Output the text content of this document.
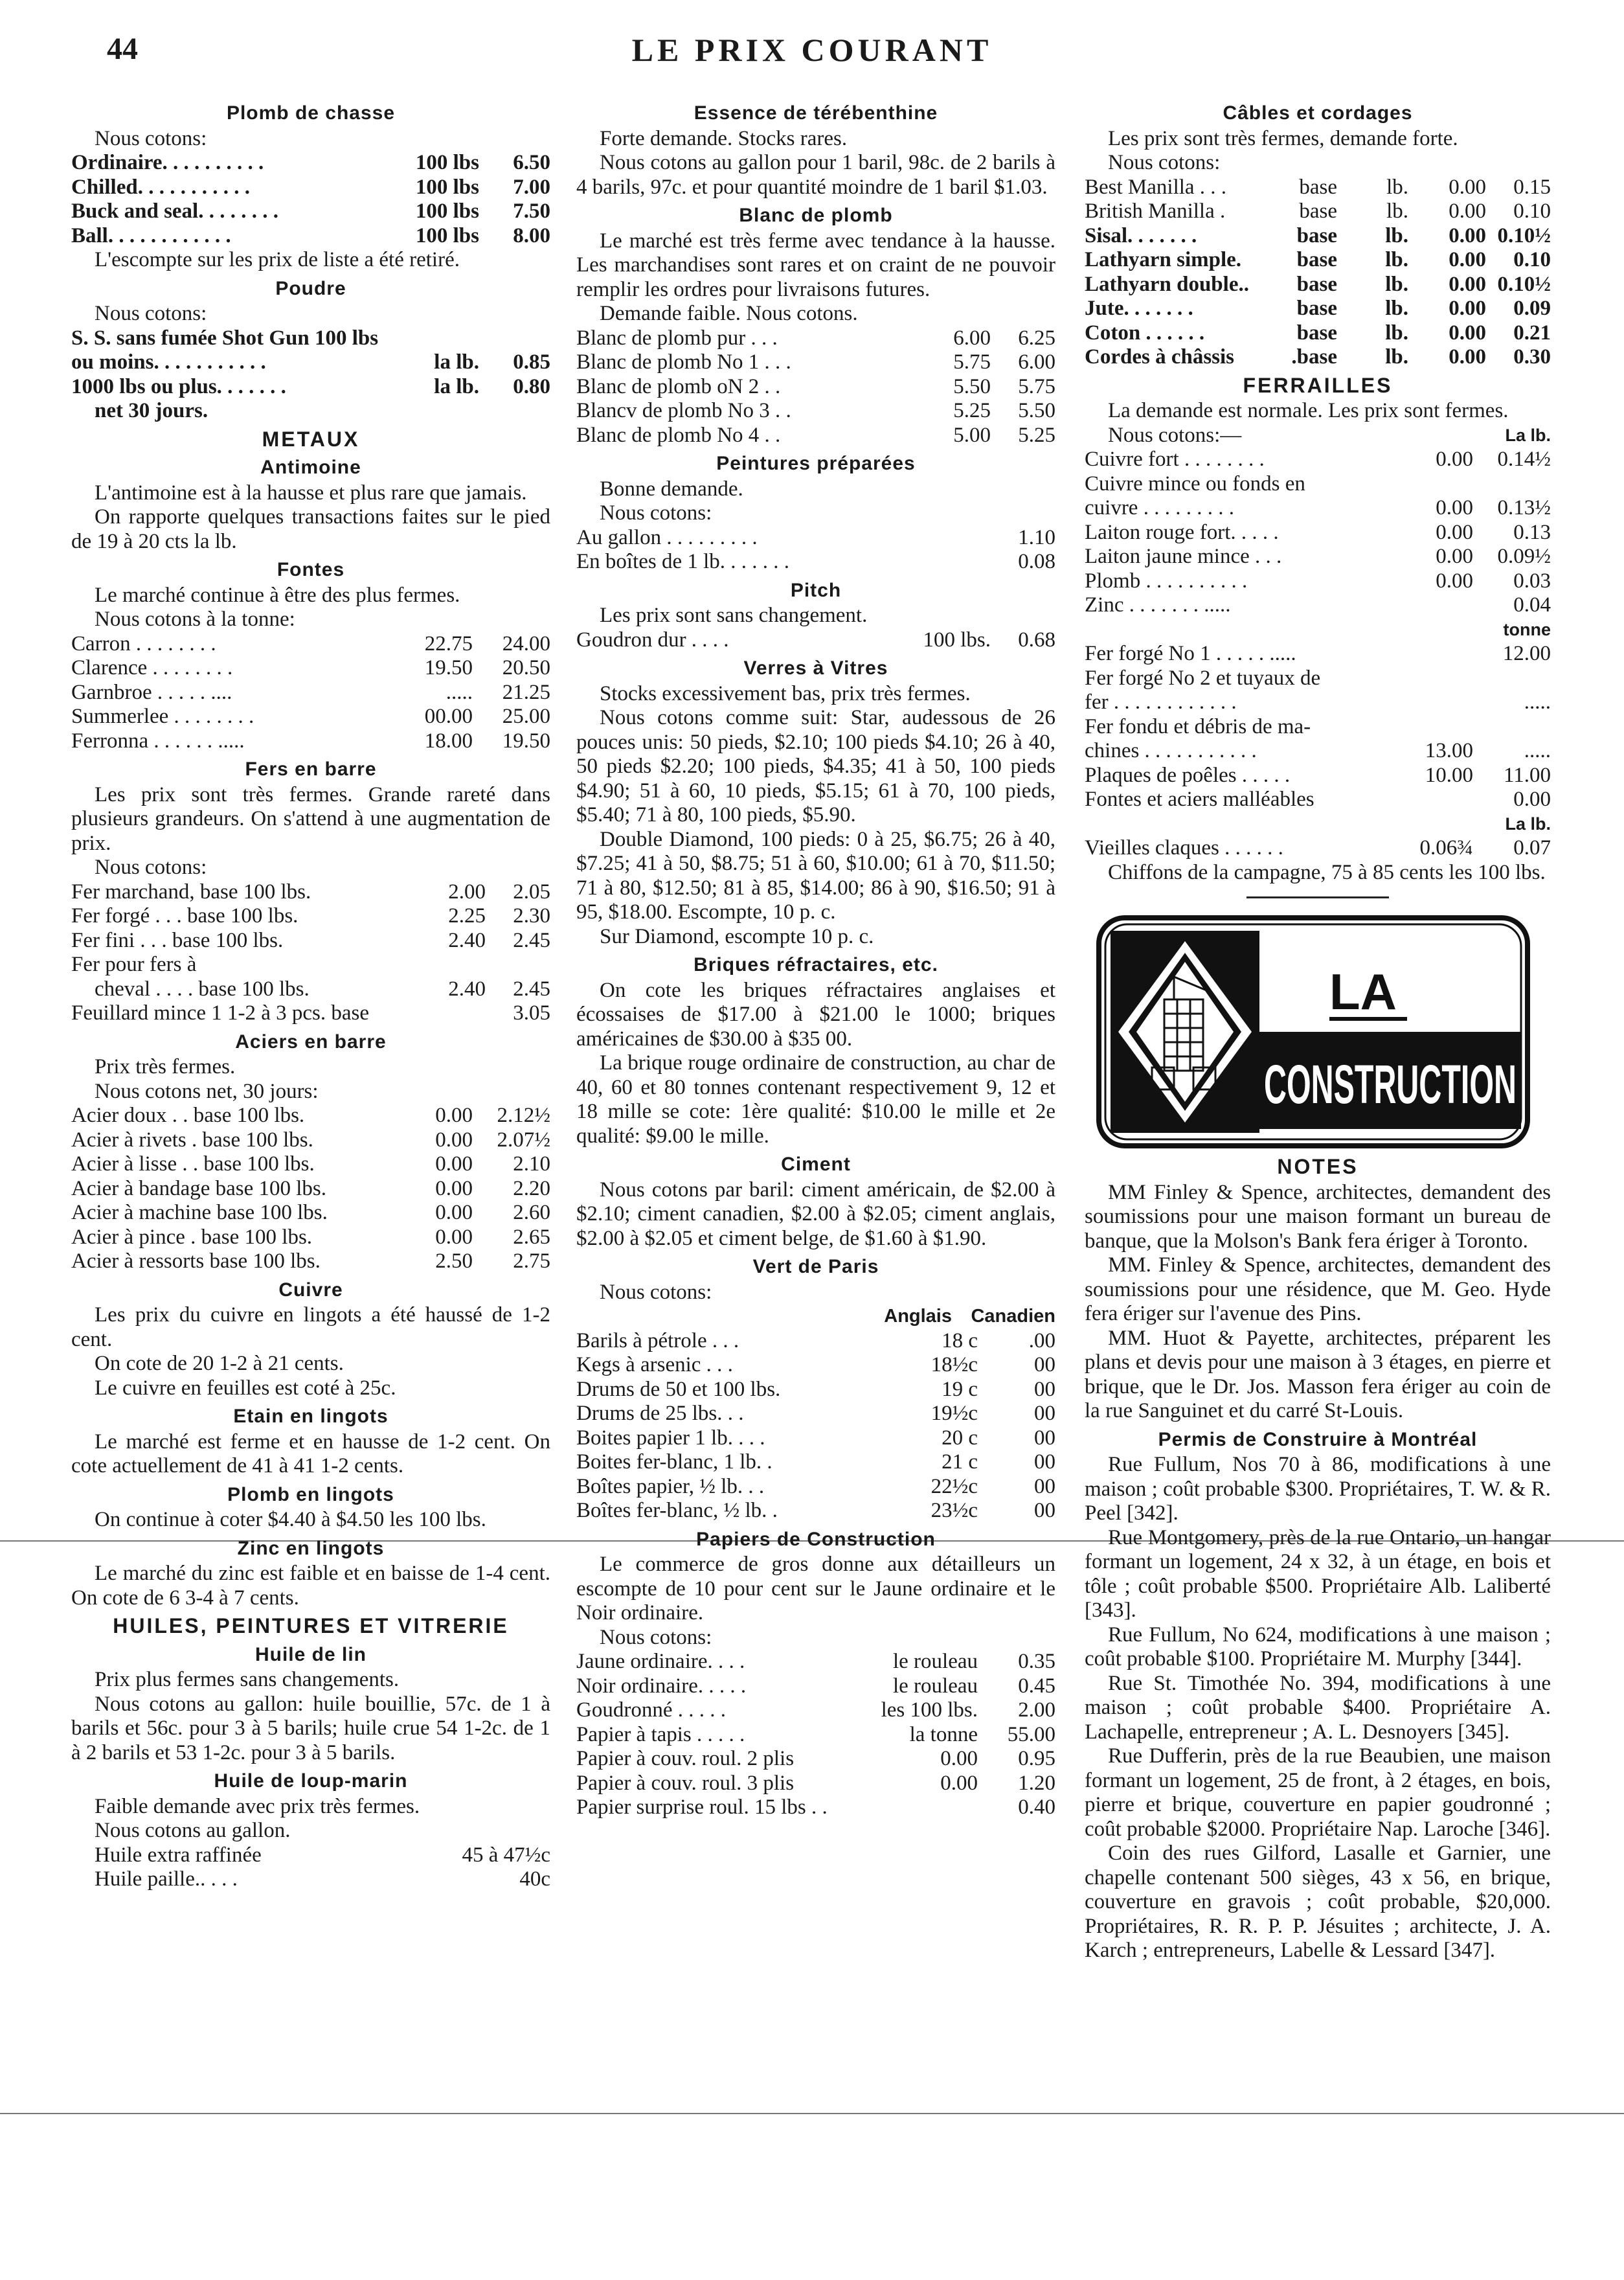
44	LE PRIX COURANT
Plomb de chasse

Nous cotons:

Ordinaire. . . . . . . . . .	100 lbs	6.50
Chilled. . . . . . . . . . .	100 lbs	7.00
Buck and seal. . . . . . . .	100 lbs	7.50
Ball. . . . . . . . . . . .	100 lbs	8.00

L'escompte sur les prix de liste a été retiré.

Poudre

Nous cotons:

S. S. sans fumée Shot Gun 100 lbs

ou moins. . . . . . . . . . .	la lb.	0.85
1000 lbs ou plus. . . . . . .	la lb.	0.80

net 30 jours.

METAUX
Antimoine

L'antimoine est à la hausse et plus rare que jamais.

On rapporte quelques transactions faites sur le pied de 19 à 20 cts la lb.

Fontes

Le marché continue à être des plus fermes.

Nous cotons à la tonne:

Carron . . . . . . . .	22.75	24.00
Clarence . . . . . . . .	19.50	20.50
Garnbroe . . . . . ....	.....	21.25
Summerlee . . . . . . . .	00.00	25.00
Ferronna . . . . . . .....	18.00	19.50
Fers en barre

Les prix sont très fermes. Grande rareté dans plusieurs grandeurs. On s'attend à une augmentation de prix.

Nous cotons:

Fer marchand, base 100 lbs.	2.00	2.05
Fer forgé . . . base 100 lbs.	2.25	2.30
Fer fini . . . base 100 lbs.	2.40	2.45

Fer pour fers à

cheval . . . . base 100 lbs.	2.40	2.45
Feuillard mince 1 1-2 à 3 pcs. base	3.05
Aciers en barre

Prix très fermes.

Nous cotons net, 30 jours:

Acier doux . . base 100 lbs.	0.00	2.12½
Acier à rivets . base 100 lbs.	0.00	2.07½
Acier à lisse . . base 100 lbs.	0.00	2.10
Acier à bandage base 100 lbs.	0.00	2.20
Acier à machine base 100 lbs.	0.00	2.60
Acier à pince . base 100 lbs.	0.00	2.65
Acier à ressorts base 100 lbs.	2.50	2.75
Cuivre

Les prix du cuivre en lingots a été haussé de 1-2 cent.

On cote de 20 1-2 à 21 cents.

Le cuivre en feuilles est coté à 25c.

Etain en lingots

Le marché est ferme et en hausse de 1-2 cent. On cote actuellement de 41 à 41 1-2 cents.

Plomb en lingots

On continue à coter $4.40 à $4.50 les 100 lbs.

Zinc en lingots

Le marché du zinc est faible et en baisse de 1-4 cent. On cote de 6 3-4 à 7 cents.

HUILES, PEINTURES ET VITRERIE
Huile de lin

Prix plus fermes sans changements.

Nous cotons au gallon: huile bouillie, 57c. de 1 à barils et 56c. pour 3 à 5 barils; huile crue 54 1-2c. de 1 à 2 barils et 53 1-2c. pour 3 à 5 barils.

Huile de loup-marin

Faible demande avec prix très fermes.

Nous cotons au gallon.

Huile extra raffinée	45 à 47½c
Huile paille.. . . .	40c
Essence de térébenthine

Forte demande. Stocks rares.

Nous cotons au gallon pour 1 baril, 98c. de 2 barils à 4 barils, 97c. et pour quantité moindre de 1 baril $1.03.

Blanc de plomb

Le marché est très ferme avec tendance à la hausse. Les marchandises sont rares et on craint de ne pouvoir remplir les ordres pour livraisons futures.

Demande faible. Nous cotons.

Blanc de plomb pur . . .	6.00	6.25
Blanc de plomb No 1 . . .	5.75	6.00
Blanc de plomb oN 2 . .	5.50	5.75
Blancv de plomb No 3 . .	5.25	5.50
Blanc de plomb No 4 . .	5.00	5.25
Peintures préparées

Bonne demande.

Nous cotons:

Au gallon . . . . . . . . .	1.10
En boîtes de 1 lb. . . . . . .	0.08
Pitch

Les prix sont sans changement.

Goudron dur . . . .	100 lbs.	0.68
Verres à Vitres

Stocks excessivement bas, prix très fermes.

Nous cotons comme suit: Star, audessous de 26 pouces unis: 50 pieds, $2.10; 100 pieds $4.10; 26 à 40, 50 pieds $2.20; 100 pieds, $4.35; 41 à 50, 100 pieds $4.90; 51 à 60, 10 pieds, $5.15; 61 à 70, 100 pieds, $5.40; 71 à 80, 100 pieds, $5.90.

Double Diamond, 100 pieds: 0 à 25, $6.75; 26 à 40, $7.25; 41 à 50, $8.75; 51 à 60, $10.00; 61 à 70, $11.50; 71 à 80, $12.50; 81 à 85, $14.00; 86 à 90, $16.50; 91 à 95, $18.00. Escompte, 10 p. c.

Sur Diamond, escompte 10 p. c.

Briques réfractaires, etc.

On cote les briques réfractaires anglaises et écossaises de $17.00 à $21.00 le 1000; briques américaines de $30.00 à $35 00.

La brique rouge ordinaire de construction, au char de 40, 60 et 80 tonnes contenant respectivement 9, 12 et 18 mille se cote: 1ère qualité: $10.00 le mille et 2e qualité: $9.00 le mille.

Ciment

Nous cotons par baril: ciment américain, de $2.00 à $2.10; ciment canadien, $2.00 à $2.05; ciment anglais, $2.00 à $2.05 et ciment belge, de $1.60 à $1.90.

Vert de Paris

Nous cotons:

Anglais	Canadien
Barils à pétrole . . .	18 c	.00
Kegs à arsenic . . .	18½c	00
Drums de 50 et 100 lbs.	19 c	00
Drums de 25 lbs. . .	19½c	00
Boites papier 1 lb. . . .	20 c	00
Boites fer-blanc, 1 lb. .	21 c	00
Boîtes papier, ½ lb. . .	22½c	00
Boîtes fer-blanc, ½ lb. .	23½c	00
Papiers de Construction

Le commerce de gros donne aux détailleurs un escompte de 10 pour cent sur le Jaune ordinaire et le Noir ordinaire.

Nous cotons:

Jaune ordinaire. . . .	le rouleau	0.35
Noir ordinaire. . . . .	le rouleau	0.45
Goudronné . . . . .	les 100 lbs.	2.00
Papier à tapis . . . . .	la tonne	55.00
Papier à couv. roul. 2 plis	0.00	0.95
Papier à couv. roul. 3 plis	0.00	1.20
Papier surprise roul. 15 lbs . .	0.40
Câbles et cordages

Les prix sont très fermes, demande forte.

Nous cotons:

Best Manilla . . .	base	lb.	0.00	0.15
British Manilla .	base	lb.	0.00	0.10
Sisal. . . . . . .	base	lb.	0.00 0.10½
Lathyarn simple.	base	lb.	0.00	0.10
Lathyarn double..	base	lb.	0.00 0.10½
Jute. . . . . . .	base	lb.	0.00	0.09
Coton . . . . . .	base	lb.	0.00	0.21
Cordes à châssis	.base	lb.	0.00	0.30
FERRAILLES

La demande est normale. Les prix sont fermes.

Nous cotons:—	La lb.
Cuivre fort . . . . . . . .	0.00	0.14½
Cuivre mince ou fonds en
cuivre . . . . . . . . .	0.00	0.13½
Laiton rouge fort. . . . .	0.00	0.13
Laiton jaune mince . . .	0.00	0.09½
Plomb . . . . . . . . . .	0.00	0.03
Zinc . . . . . . . .....	0.04
tonne
Fer forgé No 1 . . . . . .....	12.00
Fer forgé No 2 et tuyaux de
fer . . . . . . . . . . . .	.....
Fer fondu et débris de ma-
chines . . . . . . . . . . .	13.00	.....
Plaques de poêles . . . . .	10.00	11.00
Fontes et aciers malléables	0.00
La lb.
Vieilles claques . . . . . .	0.06¾	0.07

Chiffons de la campagne, 75 à 85 cents les 100 lbs.

LA
CONSTRUCTION
NOTES

MM Finley & Spence, architectes, demandent des soumissions pour une maison formant un bureau de banque, que la Molson's Bank fera ériger à Toronto.

MM. Finley & Spence, architectes, demandent des soumissions pour une résidence, que M. Geo. Hyde fera ériger sur l'avenue des Pins.

MM. Huot & Payette, architectes, préparent les plans et devis pour une maison à 3 étages, en pierre et brique, que le Dr. Jos. Masson fera ériger au coin de la rue Sanguinet et du carré St-Louis.

Permis de Construire à Montréal

Rue Fullum, Nos 70 à 86, modifications à une maison ; coût probable $300. Propriétaires, T. W. & R. Peel [342].

Rue Montgomery, près de la rue Ontario, un hangar formant un logement, 24 x 32, à un étage, en bois et tôle ; coût probable $500. Propriétaire Alb. Laliberté [343].

Rue Fullum, No 624, modifications à une maison ; coût probable $100. Propriétaire M. Murphy [344].

Rue St. Timothée No. 394, modifications à une maison ; coût probable $400. Propriétaire A. Lachapelle, entrepreneur ; A. L. Desnoyers [345].

Rue Dufferin, près de la rue Beaubien, une maison formant un logement, 25 de front, à 2 étages, en bois, pierre et brique, couverture en papier goudronné ; coût probable $2000. Propriétaire Nap. Laroche [346].

Coin des rues Gilford, Lasalle et Garnier, une chapelle contenant 500 sièges, 43 x 56, en brique, couverture en gravois ; coût probable, $20,000. Propriétaires, R. R. P. P. Jésuites ; architecte, J. A. Karch ; entrepreneurs, Labelle & Lessard [347].
